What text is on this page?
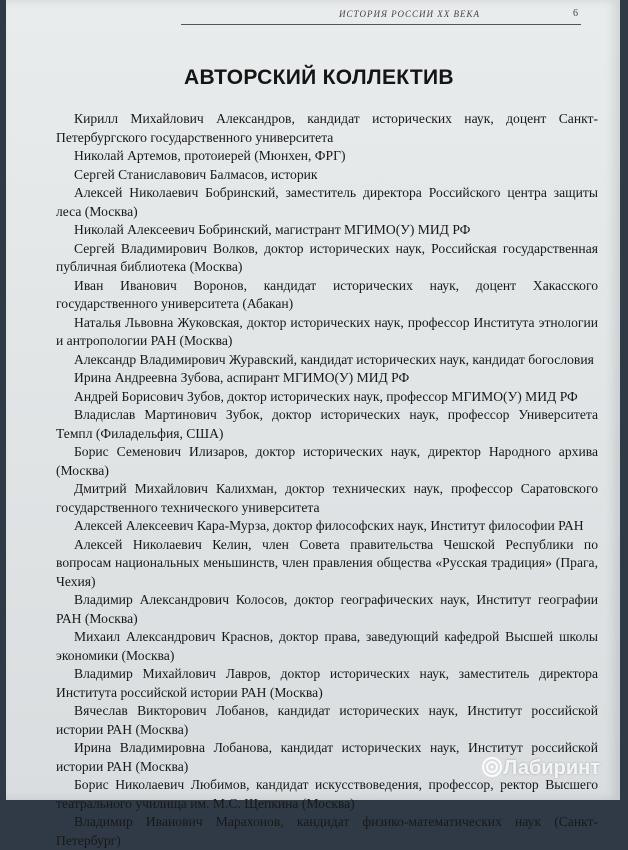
ИСТОРИЯ РОССИИ XX ВЕКА	6
АВТОРСКИЙ КОЛЛЕКТИВ

Кирилл Михайлович Александров, кандидат исторических наук, доцент Санкт-Петербургского государственного университета

Николай Артемов, протоиерей (Мюнхен, ФРГ)

Сергей Станиславович Балмасов, историк

Алексей Николаевич Бобринский, заместитель директора Российского центра защиты леса (Москва)

Николай Алексеевич Бобринский, магистрант МГИМО(У) МИД РФ

Сергей Владимирович Волков, доктор исторических наук, Российская государственная публичная библиотека (Москва)

Иван Иванович Воронов, кандидат исторических наук, доцент Хакасского государственного университета (Абакан)

Наталья Львовна Жуковская, доктор исторических наук, профессор Института этнологии и антропологии РАН (Москва)

Александр Владимирович Журавский, кандидат исторических наук, кандидат богословия

Ирина Андреевна Зубова, аспирант МГИМО(У) МИД РФ

Андрей Борисович Зубов, доктор исторических наук, профессор МГИМО(У) МИД РФ

Владислав Мартинович Зубок, доктор исторических наук, профессор Университета Темпл (Филадельфия, США)

Борис Семенович Илизаров, доктор исторических наук, директор Народного архива (Москва)

Дмитрий Михайлович Калихман, доктор технических наук, профессор Саратовского государственного технического университета

Алексей Алексеевич Кара-Мурза, доктор философских наук, Институт философии РАН

Алексей Николаевич Келин, член Совета правительства Чешской Республики по вопросам национальных меньшинств, член правления общества «Русская традиция» (Прага, Чехия)

Владимир Александрович Колосов, доктор географических наук, Институт географии РАН (Москва)

Михаил Александрович Краснов, доктор права, заведующий кафедрой Высшей школы экономики (Москва)

Владимир Михайлович Лавров, доктор исторических наук, заместитель директора Института российской истории РАН (Москва)

Вячеслав Викторович Лобанов, кандидат исторических наук, Институт российской истории РАН (Москва)

Ирина Владимировна Лобанова, кандидат исторических наук, Институт российской истории РАН (Москва)

Борис Николаевич Любимов, кандидат искусствоведения, профессор, ректор Высшего театрального училища им. М.С. Щепкина (Москва)

Владимир Иванович Марахонов, кандидат физико-математических наук (Санкт-Петербург)

Лабиринт
